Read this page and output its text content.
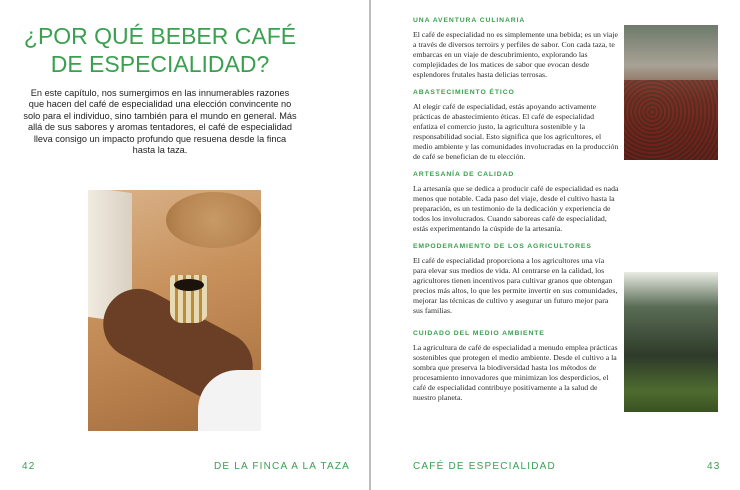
¿POR QUÉ BEBER CAFÉ
DE ESPECIALIDAD?

En este capítulo, nos sumergimos en las innumerables razones que hacen del café de especialidad una elección convincente no solo para el individuo, sino también para el mundo en general. Más allá de sus sabores y aromas tentadores, el café de especialidad lleva consigo un impacto profundo que resuena desde la finca hasta la taza.

42	DE LA FINCA A LA TAZA
UNA AVENTURA CULINARIA

El café de especialidad no es simplemente una bebida; es un viaje a través de diversos terroirs y perfiles de sabor. Con cada taza, te embarcas en un viaje de descubrimiento, explorando las complejidades de los matices de sabor que evocan desde esplendores frutales hasta delicias terrosas.

ABASTECIMIENTO ÉTICO

Al elegir café de especialidad, estás apoyando activamente prácticas de abastecimiento éticas. El café de especialidad enfatiza el comercio justo, la agricultura sostenible y la responsabilidad social. Esto significa que los agricultores, el medio ambiente y las comunidades involucradas en la producción de café se benefician de tu elección.

ARTESANÍA DE CALIDAD

La artesanía que se dedica a producir café de especialidad es nada menos que notable. Cada paso del viaje, desde el cultivo hasta la preparación, es un testimonio de la dedicación y experiencia de todos los involucrados. Cuando saboreas café de especialidad, estás experimentando la cúspide de la artesanía.

EMPODERAMIENTO DE LOS AGRICULTORES

El café de especialidad proporciona a los agricultores una vía para elevar sus medios de vida. Al centrarse en la calidad, los agricultores tienen incentivos para cultivar granos que obtengan precios más altos, lo que les permite invertir en sus comunidades, mejorar las técnicas de cultivo y asegurar un futuro mejor para sus familias.

CUIDADO DEL MEDIO AMBIENTE

La agricultura de café de especialidad a menudo emplea prácticas sostenibles que protegen el medio ambiente. Desde el cultivo a la sombra que preserva la biodiversidad hasta los métodos de procesamiento innovadores que minimizan los desperdicios, el café de especialidad contribuye positivamente a la salud de nuestro planeta.

CAFÉ DE ESPECIALIDAD	43
